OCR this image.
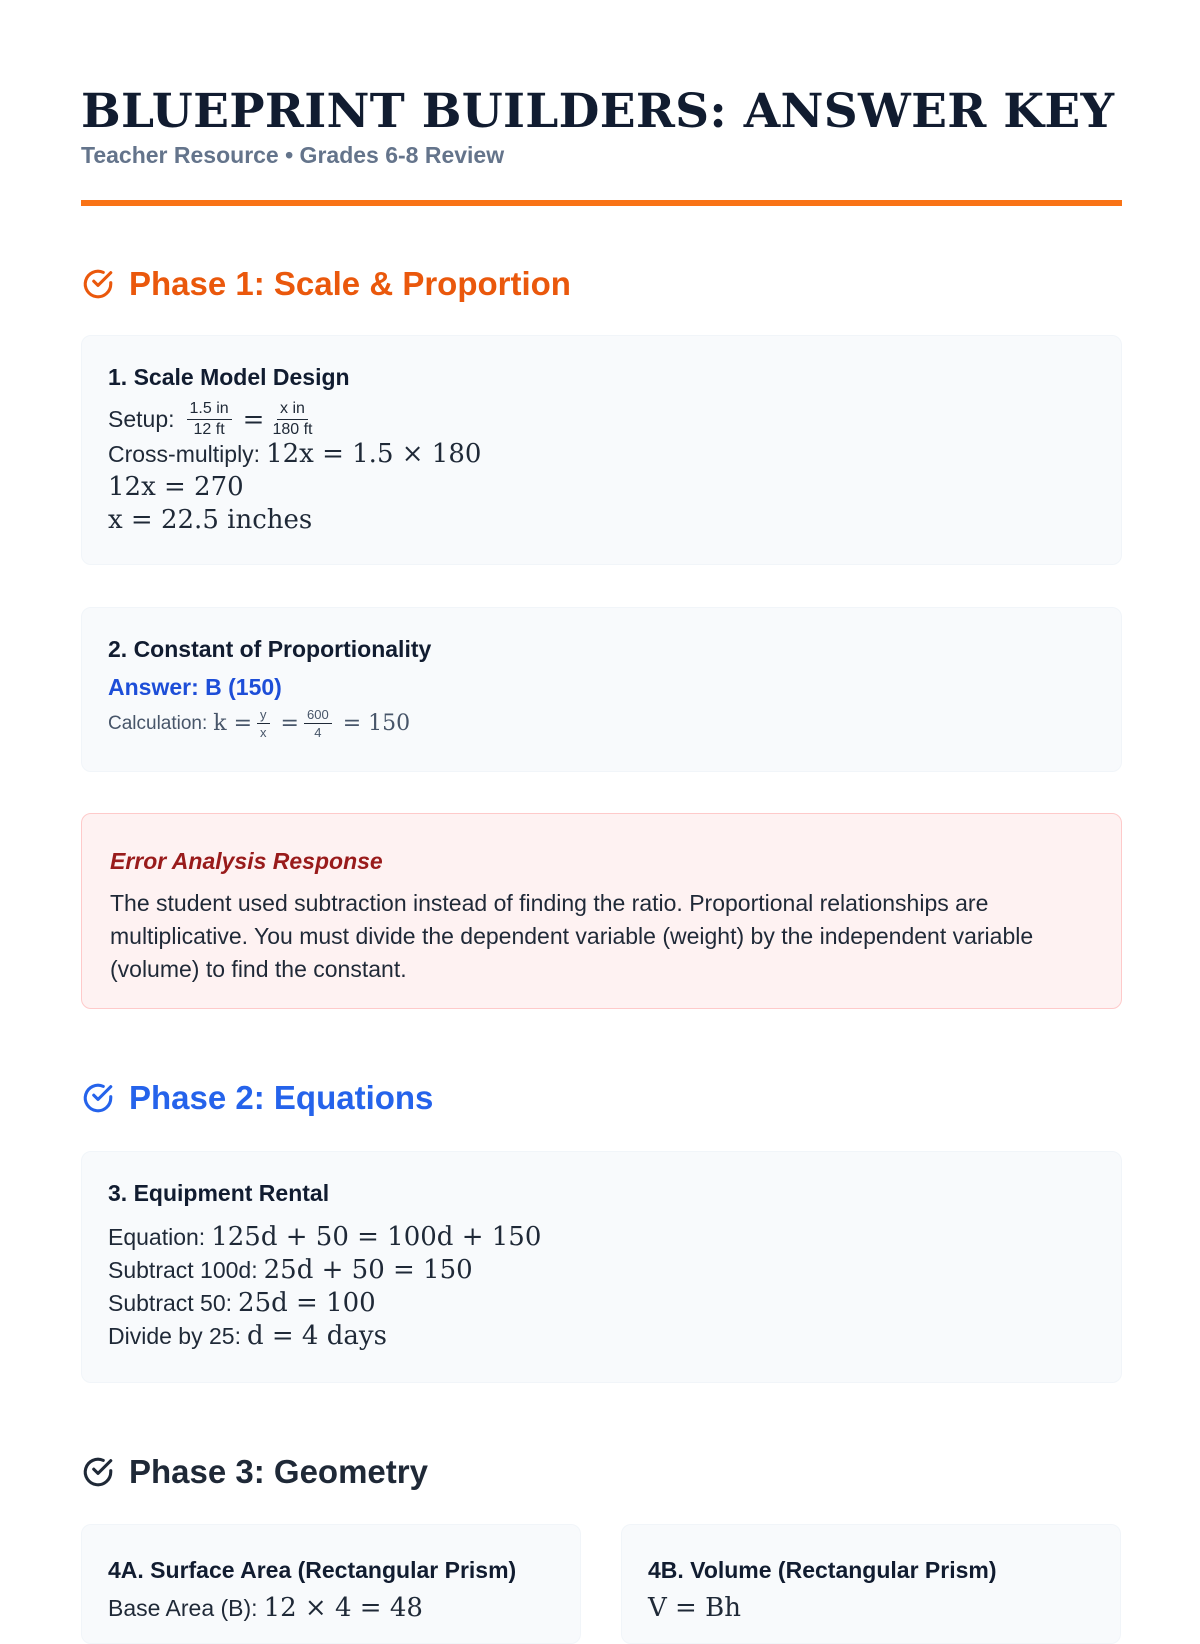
BLUEPRINT BUILDERS: ANSWER KEY
Teacher Resource • Grades 6-8 Review
Phase 1: Scale & Proportion
1. Scale Model Design
Setup: $\frac{1.5 in}{12 ft} = \frac{\text{x in}}{180 ft}$
Cross-multiply: 12x = 1.5 × 180
12x = 270
x = 22.5 inches
2. Constant of Proportionality
Answer: B (150)
Calculation: $k = \frac{y}{x} = \frac{600}{4} = 150$
Error Analysis Response
The student used subtraction instead of finding the ratio. Proportional relationships are multiplicative. You must divide the dependent variable (weight) by the independent variable (volume) to find the constant.
Phase 2: Equations
3. Equipment Rental
Equation: 125d + 50 = 100d + 150
Subtract 100d: 25d + 50 = 150
Subtract 50: 25d = 100
Divide by 25: d = 4 days
Phase 3: Geometry
4A. Surface Area (Rectangular Prism)
Base Area (B): 12 × 4 = 48
4B. Volume (Rectangular Prism)
V = Bh
